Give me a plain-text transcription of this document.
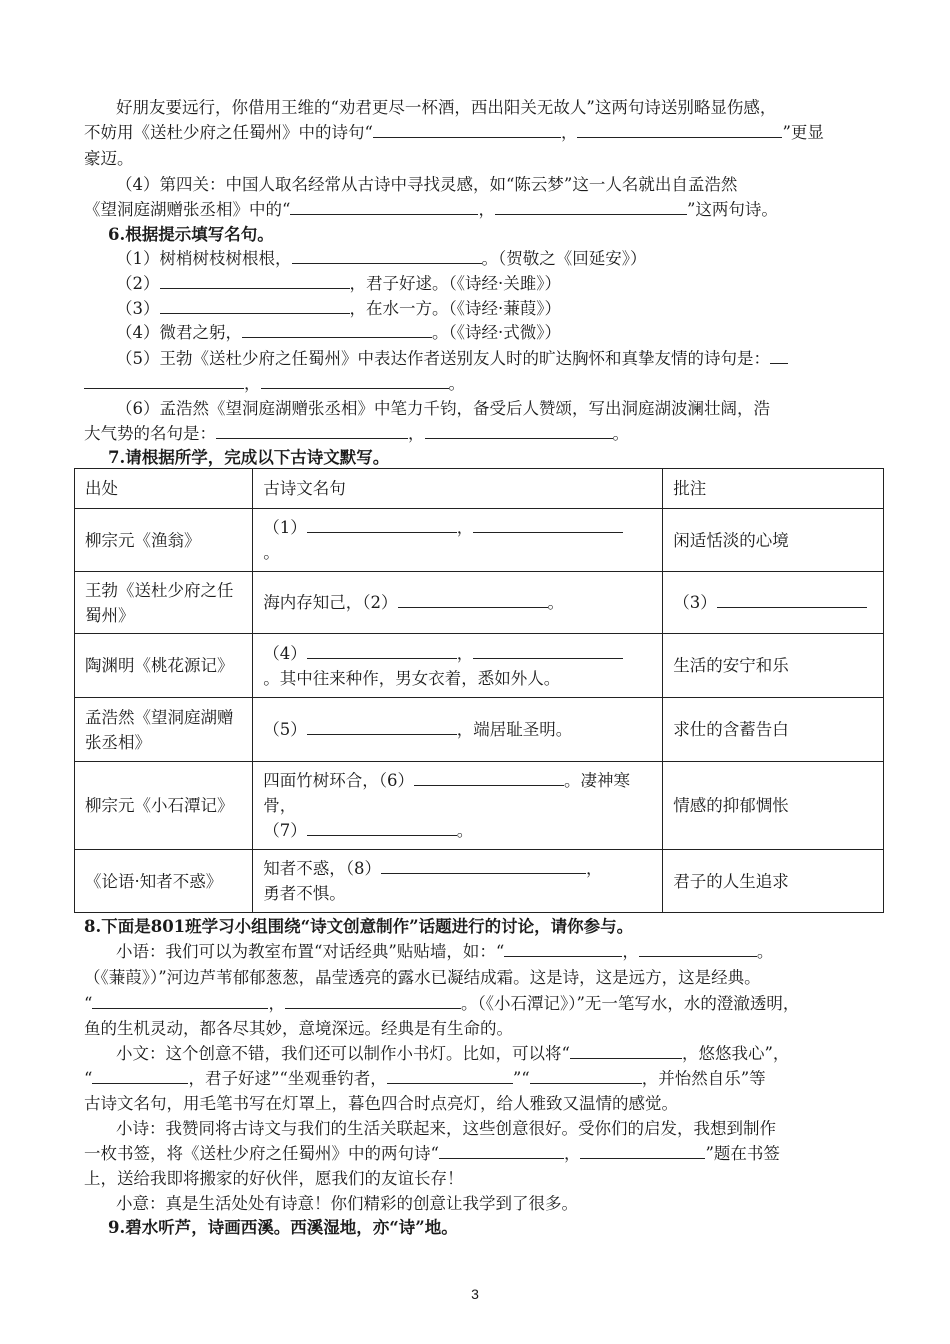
好朋友要远行，你借用王维的“劝君更尽一杯酒，西出阳关无故人”这两句诗送别略显伤感，
不妨用《送杜少府之任蜀州》中的诗句“	，	”更显
豪迈。
（4）第四关：中国人取名经常从古诗中寻找灵感，如“陈云梦”这一人名就出自孟浩然
《望洞庭湖赠张丞相》中的“	，	”这两句诗。
6.根据提示填写名句。
（1）树梢树枝树根根，	。（贺敬之《回延安》）
（2）	，君子好逑。（《诗经·关雎》）
（3）	，在水一方。（《诗经·蒹葭》）
（4）微君之躬，	。（《诗经·式微》）
（5）王勃《送杜少府之任蜀州》中表达作者送别友人时的旷达胸怀和真挚友情的诗句是：
，	。
（6）孟浩然《望洞庭湖赠张丞相》中笔力千钧，备受后人赞颂，写出洞庭湖波澜壮阔，浩
大气势的名句是：	，	。
7.请根据所学，完成以下古诗文默写。
出处	古诗文名句	批注
柳宗元《渔翁》	（1） ，
。	闲适恬淡的心境
王勃《送杜少府之任蜀州》	海内存知己，（2） 。	（3）
陶渊明《桃花源记》	（4） ，
。其中往来种作，男女衣着，悉如外人。	生活的安宁和乐
孟浩然《望洞庭湖赠张丞相》	（5） ，端居耻圣明。	求仕的含蓄告白
柳宗元《小石潭记》	四面竹树环合，（6） 。凄神寒骨，
（7） 。	情感的抑郁惆怅
《论语·知者不惑》	知者不惑，（8） ，
勇者不惧。	君子的人生追求
8.下面是801班学习小组围绕“诗文创意制作”话题进行的讨论，请你参与。
小语：我们可以为教室布置“对话经典”贴贴墙，如：“	，	。
（《蒹葭》）”河边芦苇郁郁葱葱，晶莹透亮的露水已凝结成霜。这是诗，这是远方，这是经典。
“	，	。（《小石潭记》）”无一笔写水，水的澄澈透明，
鱼的生机灵动，都各尽其妙，意境深远。经典是有生命的。
小文：这个创意不错，我们还可以制作小书灯。比如，可以将“	，悠悠我心”，
“	，君子好逑”“坐观垂钓者，	”“	，并怡然自乐”等
古诗文名句，用毛笔书写在灯罩上，暮色四合时点亮灯，给人雅致又温情的感觉。
小诗：我赞同将古诗文与我们的生活关联起来，这些创意很好。受你们的启发，我想到制作
一枚书签，将《送杜少府之任蜀州》中的两句诗“	，	”题在书签
上，送给我即将搬家的好伙伴，愿我们的友谊长存！
小意：真是生活处处有诗意！你们精彩的创意让我学到了很多。
9.碧水听芦，诗画西溪。西溪湿地，亦“诗”地。
3
